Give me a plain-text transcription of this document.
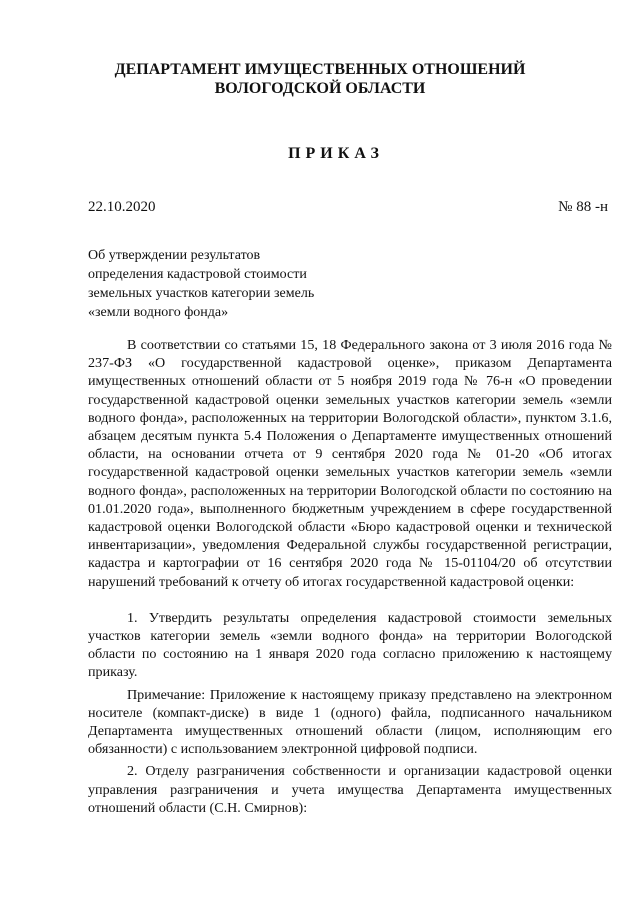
ДЕПАРТАМЕНТ ИМУЩЕСТВЕННЫХ ОТНОШЕНИЙ
ВОЛОГОДСКОЙ ОБЛАСТИ
ПРИКАЗ
22.10.2020	№ 88 -н
Об утверждении результатов
определения кадастровой стоимости
земельных участков категории земель
«земли водного фонда»

В соответствии со статьями 15, 18 Федерального закона от 3 июля 2016 года № 237-ФЗ «О государственной кадастровой оценке», приказом Департамента имущественных отношений области от 5 ноября 2019 года № 76-н «О проведении государственной кадастровой оценки земельных участков категории земель «земли водного фонда», расположенных на территории Вологодской области», пунктом 3.1.6, абзацем десятым пункта 5.4 Положения о Департаменте имущественных отношений области, на основании отчета от 9 сентября 2020 года № 01-20 «Об итогах государственной кадастровой оценки земельных участков категории земель «земли водного фонда», расположенных на территории Вологодской области по состоянию на 01.01.2020 года», выполненного бюджетным учреждением в сфере государственной кадастровой оценки Вологодской области «Бюро кадастровой оценки и технической инвентаризации», уведомления Федеральной службы государственной регистрации, кадастра и картографии от 16 сентября 2020 года № 15-01104/20 об отсутствии нарушений требований к отчету об итогах государственной кадастровой оценки:

1. Утвердить результаты определения кадастровой стоимости земельных участков категории земель «земли водного фонда» на территории Вологодской области по состоянию на 1 января 2020 года согласно приложению к настоящему приказу.

Примечание: Приложение к настоящему приказу представлено на электронном носителе (компакт-диске) в виде 1 (одного) файла, подписанного начальником Департамента имущественных отношений области (лицом, исполняющим его обязанности) с использованием электронной цифровой подписи.

2. Отделу разграничения собственности и организации кадастровой оценки управления разграничения и учета имущества Департамента имущественных отношений области (С.Н. Смирнов):
